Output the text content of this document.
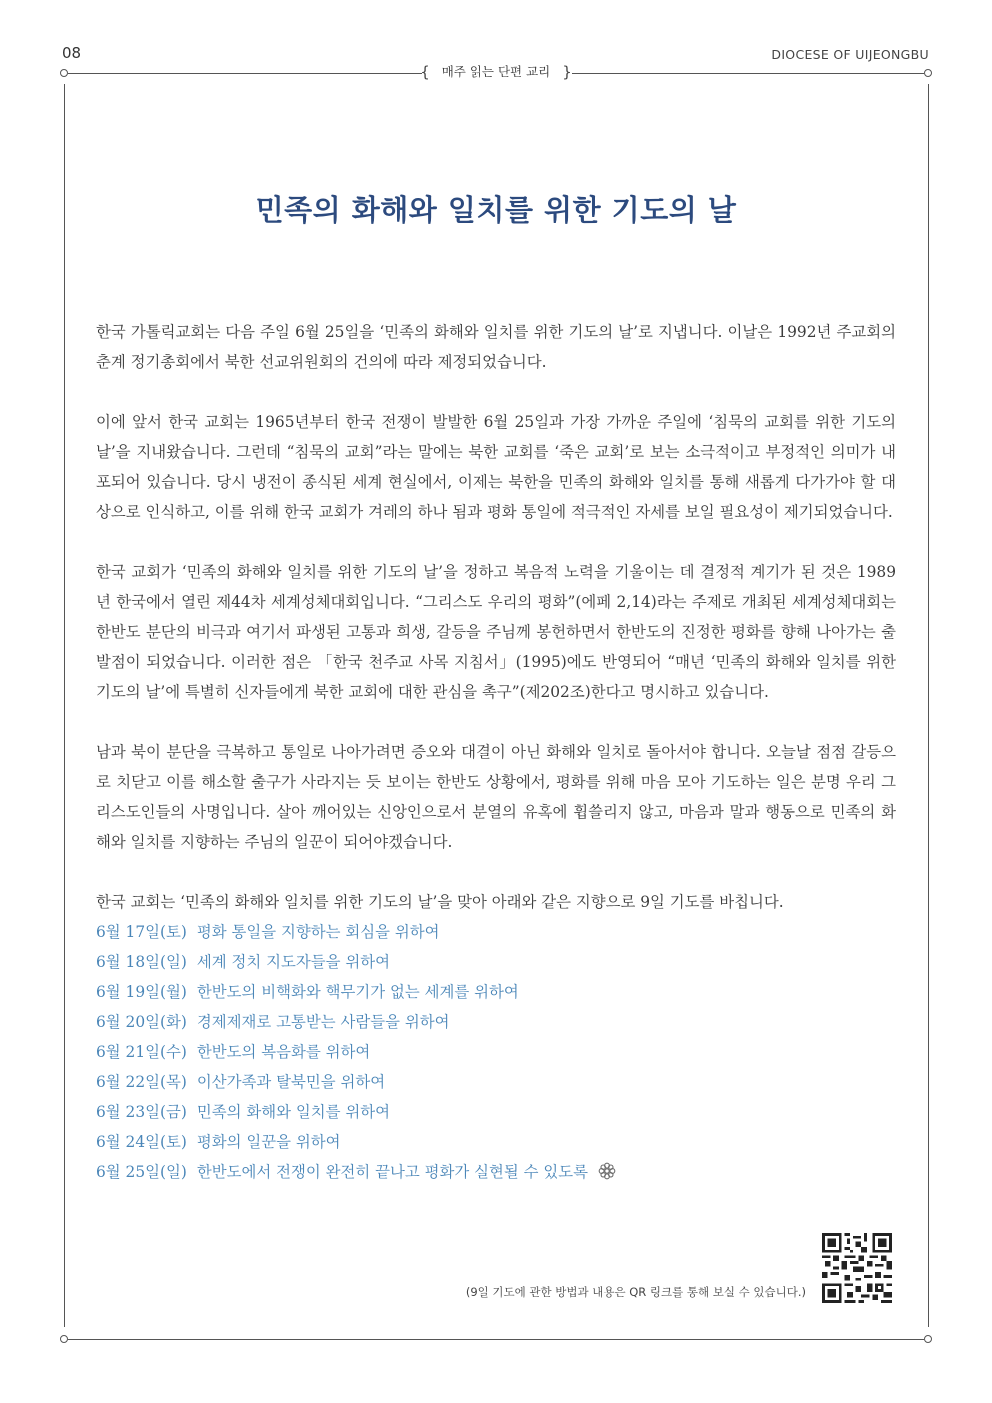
08	DIOCESE OF UIJEONGBU
{ 매주 읽는 단편 교리 }
민족의 화해와 일치를 위한 기도의 날

한국 가톨릭교회는 다음 주일 6월 25일을 ‘민족의 화해와 일치를 위한 기도의 날’로 지냅니다. 이날은 1992년 주교회의 춘계 정기총회에서 북한 선교위원회의 건의에 따라 제정되었습니다.

이에 앞서 한국 교회는 1965년부터 한국 전쟁이 발발한 6월 25일과 가장 가까운 주일에 ‘침묵의 교회를 위한 기도의 날’을 지내왔습니다. 그런데 “침묵의 교회”라는 말에는 북한 교회를 ‘죽은 교회’로 보는 소극적이고 부정적인 의미가 내포되어 있습니다. 당시 냉전이 종식된 세계 현실에서, 이제는 북한을 민족의 화해와 일치를 통해 새롭게 다가가야 할 대상으로 인식하고, 이를 위해 한국 교회가 겨레의 하나 됨과 평화 통일에 적극적인 자세를 보일 필요성이 제기되었습니다.

한국 교회가 ‘민족의 화해와 일치를 위한 기도의 날’을 정하고 복음적 노력을 기울이는 데 결정적 계기가 된 것은 1989년 한국에서 열린 제44차 세계성체대회입니다. “그리스도 우리의 평화”(에페 2,14)라는 주제로 개최된 세계성체대회는 한반도 분단의 비극과 여기서 파생된 고통과 희생, 갈등을 주님께 봉헌하면서 한반도의 진정한 평화를 향해 나아가는 출발점이 되었습니다. 이러한 점은 「한국 천주교 사목 지침서」(1995)에도 반영되어 “매년 ‘민족의 화해와 일치를 위한 기도의 날’에 특별히 신자들에게 북한 교회에 대한 관심을 촉구”(제202조)한다고 명시하고 있습니다.

남과 북이 분단을 극복하고 통일로 나아가려면 증오와 대결이 아닌 화해와 일치로 돌아서야 합니다. 오늘날 점점 갈등으로 치닫고 이를 해소할 출구가 사라지는 듯 보이는 한반도 상황에서, 평화를 위해 마음 모아 기도하는 일은 분명 우리 그리스도인들의 사명입니다. 살아 깨어있는 신앙인으로서 분열의 유혹에 휩쓸리지 않고, 마음과 말과 행동으로 민족의 화해와 일치를 지향하는 주님의 일꾼이 되어야겠습니다.

한국 교회는 ‘민족의 화해와 일치를 위한 기도의 날’을 맞아 아래와 같은 지향으로 9일 기도를 바칩니다.

6월 17일(토) 평화 통일을 지향하는 회심을 위하여
6월 18일(일) 세계 정치 지도자들을 위하여
6월 19일(월) 한반도의 비핵화와 핵무기가 없는 세계를 위하여
6월 20일(화) 경제제재로 고통받는 사람들을 위하여
6월 21일(수) 한반도의 복음화를 위하여
6월 22일(목) 이산가족과 탈북민을 위하여
6월 23일(금) 민족의 화해와 일치를 위하여
6월 24일(토) 평화의 일꾼을 위하여
6월 25일(일) 한반도에서 전쟁이 완전히 끝나고 평화가 실현될 수 있도록
(9일 기도에 관한 방법과 내용은 QR 링크를 통해 보실 수 있습니다.)
